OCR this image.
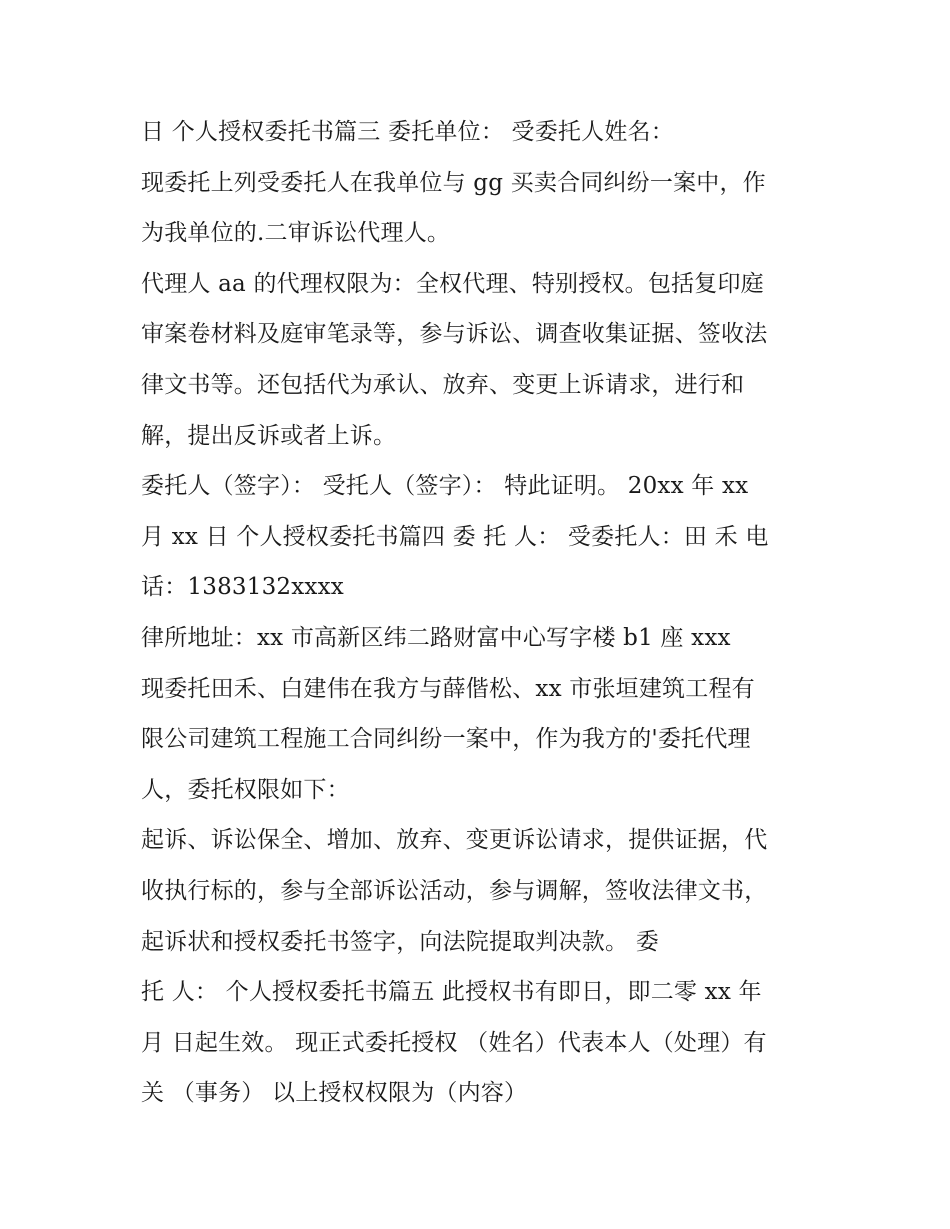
日 个人授权委托书篇三 委托单位： 受委托人姓名：
现委托上列受委托人在我单位与 gg 买卖合同纠纷一案中，作
为我单位的.二审诉讼代理人。
代理人 aa 的代理权限为：全权代理、特别授权。包括复印庭
审案卷材料及庭审笔录等，参与诉讼、调查收集证据、签收法
律文书等。还包括代为承认、放弃、变更上诉请求，进行和
解，提出反诉或者上诉。
委托人（签字）： 受托人（签字）： 特此证明。 20xx 年 xx
月 xx 日 个人授权委托书篇四 委 托 人： 受委托人：田 禾 电
话：1383132xxxx
律所地址：xx 市高新区纬二路财富中心写字楼 b1 座 xxx
现委托田禾、白建伟在我方与薛偕松、xx 市张垣建筑工程有
限公司建筑工程施工合同纠纷一案中，作为我方的'委托代理
人，委托权限如下：
起诉、诉讼保全、增加、放弃、变更诉讼请求，提供证据，代
收执行标的，参与全部诉讼活动，参与调解，签收法律文书，
起诉状和授权委托书签字，向法院提取判决款。 委
托 人： 个人授权委托书篇五 此授权书有即日，即二零 xx 年
月 日起生效。 现正式委托授权 （姓名）代表本人（处理）有
关 （事务） 以上授权权限为（内容）
